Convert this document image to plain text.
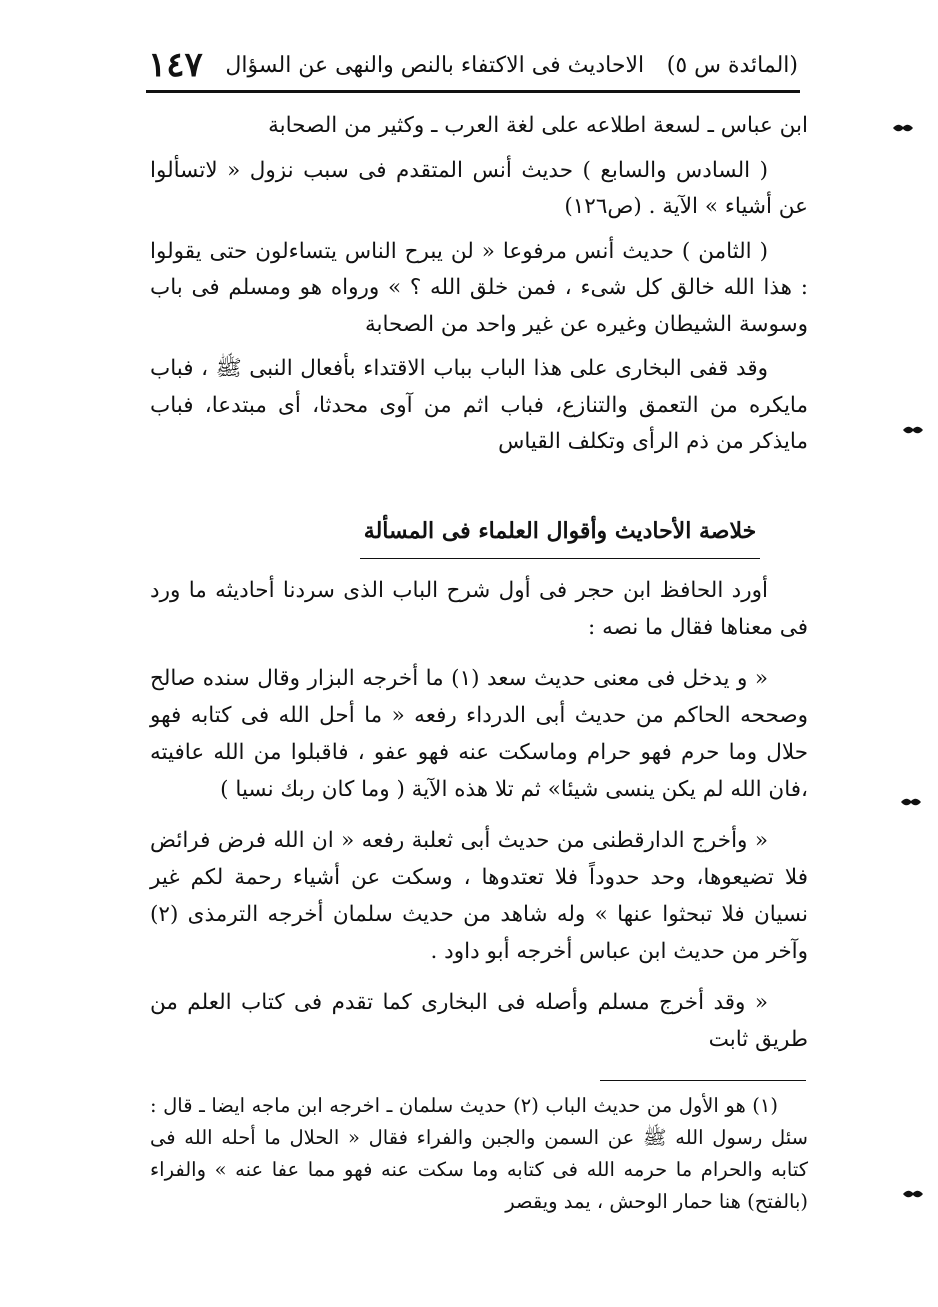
(المائدة س ٥)
الاحاديث فى الاكتفاء بالنص والنهى عن السؤال
١٤٧

ابن عباس ـ لسعة اطلاعه على لغة العرب ـ وكثير من الصحابة

( السادس والسابع ) حديث أنس المتقدم فى سبب نزول « لاتسألوا عن أشياء » الآية . (ص١٢٦)

( الثامن ) حديث أنس مرفوعا « لن يبرح الناس يتساءلون حتى يقولوا : هذا الله خالق كل شىء ، فمن خلق الله ؟ » ورواه هو ومسلم فى باب وسوسة الشيطان وغيره عن غير واحد من الصحابة

وقد قفى البخارى على هذا الباب بباب الاقتداء بأفعال النبى ﷺ ، فباب مايكره من التعمق والتنازع، فباب اثم من آوى محدثا، أى مبتدعا، فباب مايذكر من ذم الرأى وتكلف القياس

خلاصة الأحاديث وأقوال العلماء فى المسألة

أورد الحافظ ابن حجر فى أول شرح الباب الذى سردنا أحاديثه ما ورد فى معناها فقال ما نصه :

« و يدخل فى معنى حديث سعد (١) ما أخرجه البزار وقال سنده صالح وصححه الحاكم من حديث أبى الدرداء رفعه « ما أحل الله فى كتابه فهو حلال وما حرم فهو حرام وماسكت عنه فهو عفو ، فاقبلوا من الله عافيته ،فان الله لم يكن ينسى شيئا» ثم تلا هذه الآية ( وما كان ربك نسيا )

« وأخرج الدارقطنى من حديث أبى ثعلبة رفعه « ان الله فرض فرائض فلا تضيعوها، وحد حدوداً فلا تعتدوها ، وسكت عن أشياء رحمة لكم غير نسيان فلا تبحثوا عنها » وله شاهد من حديث سلمان أخرجه الترمذى (٢) وآخر من حديث ابن عباس أخرجه أبو داود .

« وقد أخرج مسلم وأصله فى البخارى كما تقدم فى كتاب العلم من طريق ثابت

(١) هو الأول من حديث الباب (٢) حديث سلمان ـ اخرجه ابن ماجه ايضا ـ قال : سئل رسول الله ﷺ عن السمن والجبن والفراء فقال « الحلال ما أحله الله فى كتابه والحرام ما حرمه الله فى كتابه وما سكت عنه فهو مما عفا عنه » والفراء (بالفتح) هنا حمار الوحش ، يمد ويقصر
